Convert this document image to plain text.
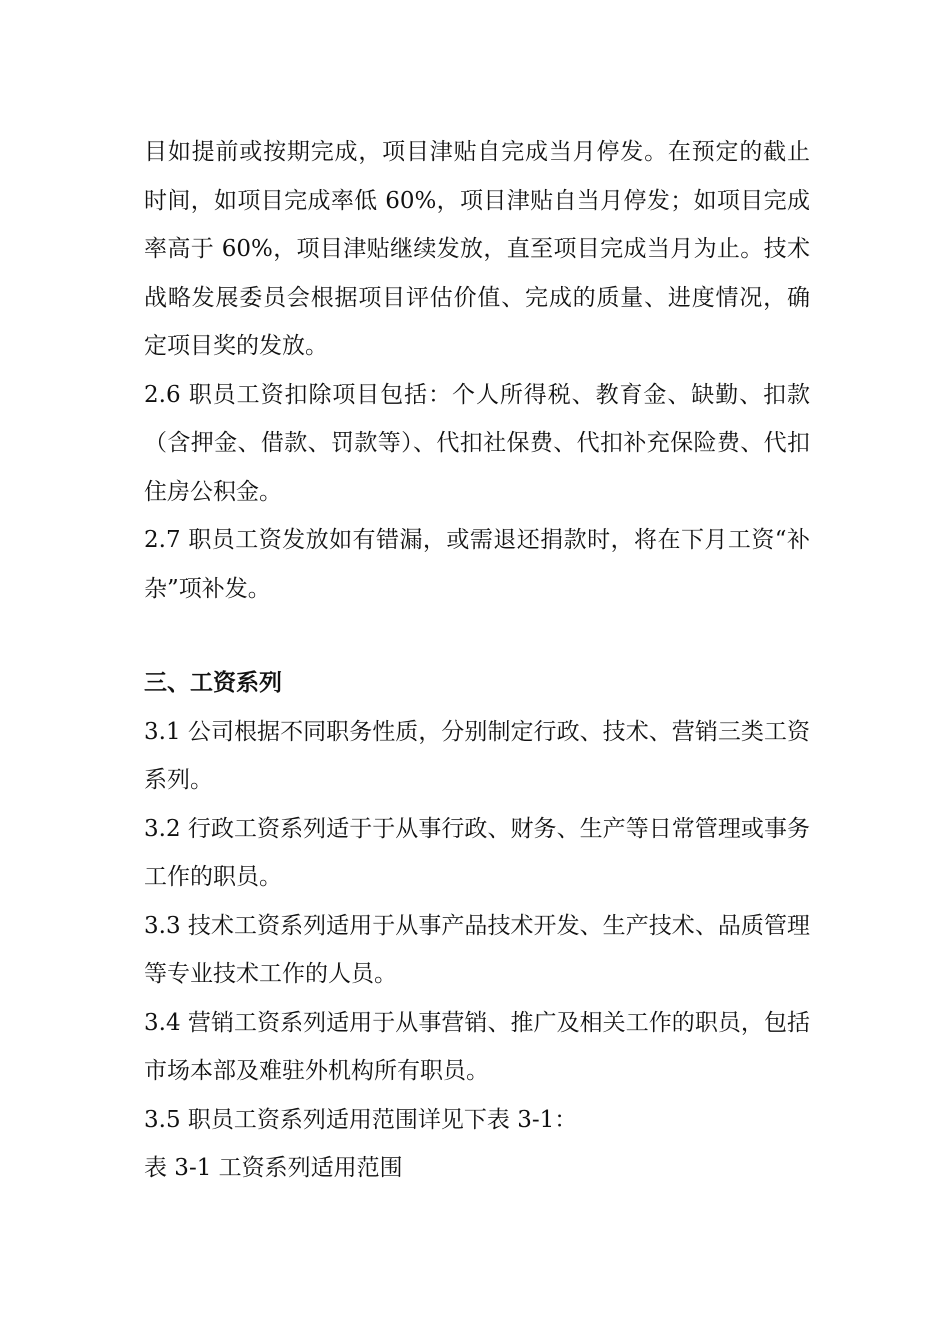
目如提前或按期完成，项目津贴自完成当月停发。在预定的截止时间，如项目完成率低 60%，项目津贴自当月停发；如项目完成率高于 60%，项目津贴继续发放，直至项目完成当月为止。技术战略发展委员会根据项目评估价值、完成的质量、进度情况，确定项目奖的发放。

2.6 职员工资扣除项目包括：个人所得税、教育金、缺勤、扣款（含押金、借款、罚款等）、代扣社保费、代扣补充保险费、代扣住房公积金。

2.7 职员工资发放如有错漏，或需退还捐款时，将在下月工资“补杂”项补发。

三、工资系列

3.1 公司根据不同职务性质，分别制定行政、技术、营销三类工资系列。

3.2 行政工资系列适于于从事行政、财务、生产等日常管理或事务工作的职员。

3.3 技术工资系列适用于从事产品技术开发、生产技术、品质管理等专业技术工作的人员。

3.4 营销工资系列适用于从事营销、推广及相关工作的职员，包括市场本部及难驻外机构所有职员。

3.5 职员工资系列适用范围详见下表 3-1：

表 3-1 工资系列适用范围
